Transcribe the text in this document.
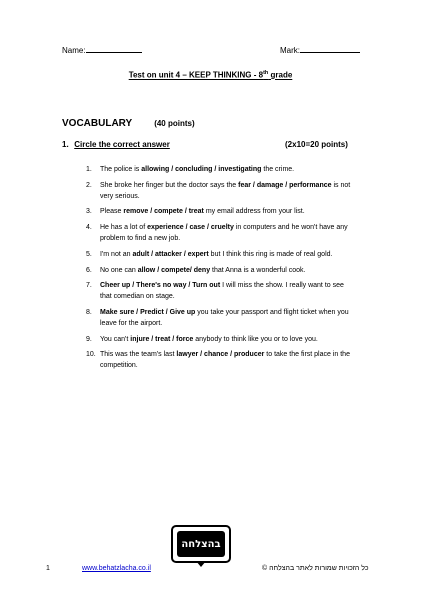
Name:	Mark:
Test on unit 4 – KEEP THINKING - 8th grade
VOCABULARY	(40 points)
1. Circle the correct answer	(2x10=20 points)
1.	The police is allowing / concluding / investigating the crime.
2.	She broke her finger but the doctor says the fear / damage / performance is not very serious.
3.	Please remove / compete / treat my email address from your list.
4.	He has a lot of experience / case / cruelty in computers and he won't have any problem to find a new job.
5.	I'm not an adult / attacker / expert but I think this ring is made of real gold.
6.	No one can allow / compete/ deny that Anna is a wonderful cook.
7.	Cheer up / There's no way / Turn out I will miss the show. I really want to see that comedian on stage.
8.	Make sure / Predict / Give up you take your passport and flight ticket when you leave for the airport.
9.	You can't injure / treat / force anybody to think like you or to love you.
10. This was the team's last lawyer / chance / producer to take the first place in the competition.
בהצלחה
1	www.behatzlacha.co.il	כל הזכויות שמורות לאתר בהצלחה ©
